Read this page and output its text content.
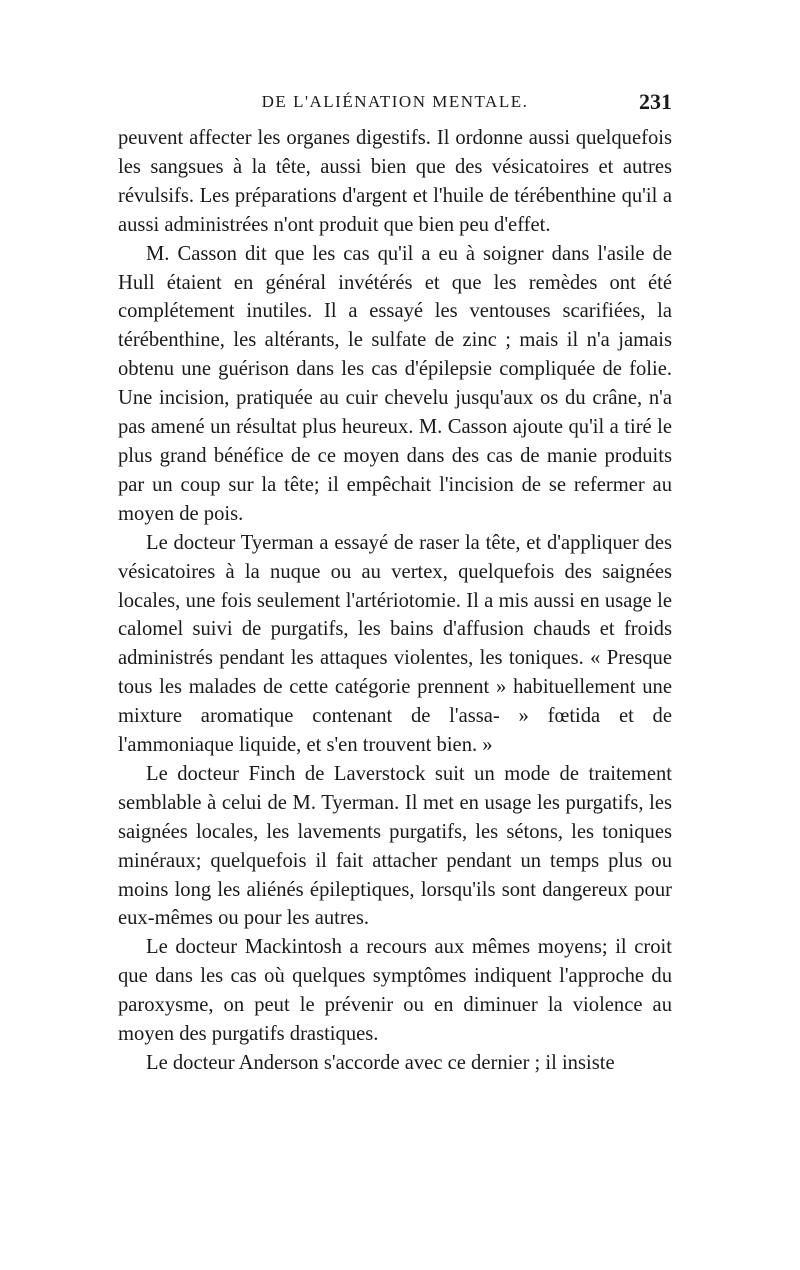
DE L'ALIÉNATION MENTALE.	231

peuvent affecter les organes digestifs. Il ordonne aussi quelquefois les sangsues à la tête, aussi bien que des vésicatoires et autres révulsifs. Les préparations d'argent et l'huile de térébenthine qu'il a aussi administrées n'ont produit que bien peu d'effet.

M. Casson dit que les cas qu'il a eu à soigner dans l'asile de Hull étaient en général invétérés et que les remèdes ont été complétement inutiles. Il a essayé les ventouses scarifiées, la térébenthine, les altérants, le sulfate de zinc ; mais il n'a jamais obtenu une guérison dans les cas d'épilepsie compliquée de folie. Une incision, pratiquée au cuir chevelu jusqu'aux os du crâne, n'a pas amené un résultat plus heureux. M. Casson ajoute qu'il a tiré le plus grand bénéfice de ce moyen dans des cas de manie produits par un coup sur la tête; il empêchait l'incision de se refermer au moyen de pois.

Le docteur Tyerman a essayé de raser la tête, et d'appliquer des vésicatoires à la nuque ou au vertex, quelquefois des saignées locales, une fois seulement l'artériotomie. Il a mis aussi en usage le calomel suivi de purgatifs, les bains d'affusion chauds et froids administrés pendant les attaques violentes, les toniques. « Presque tous les malades de cette catégorie prennent » habituellement une mixture aromatique contenant de l'assa- » fœtida et de l'ammoniaque liquide, et s'en trouvent bien. »

Le docteur Finch de Laverstock suit un mode de traitement semblable à celui de M. Tyerman. Il met en usage les purgatifs, les saignées locales, les lavements purgatifs, les sétons, les toniques minéraux; quelquefois il fait attacher pendant un temps plus ou moins long les aliénés épileptiques, lorsqu'ils sont dangereux pour eux-mêmes ou pour les autres.

Le docteur Mackintosh a recours aux mêmes moyens; il croit que dans les cas où quelques symptômes indiquent l'approche du paroxysme, on peut le prévenir ou en diminuer la violence au moyen des purgatifs drastiques.

Le docteur Anderson s'accorde avec ce dernier ; il insiste
